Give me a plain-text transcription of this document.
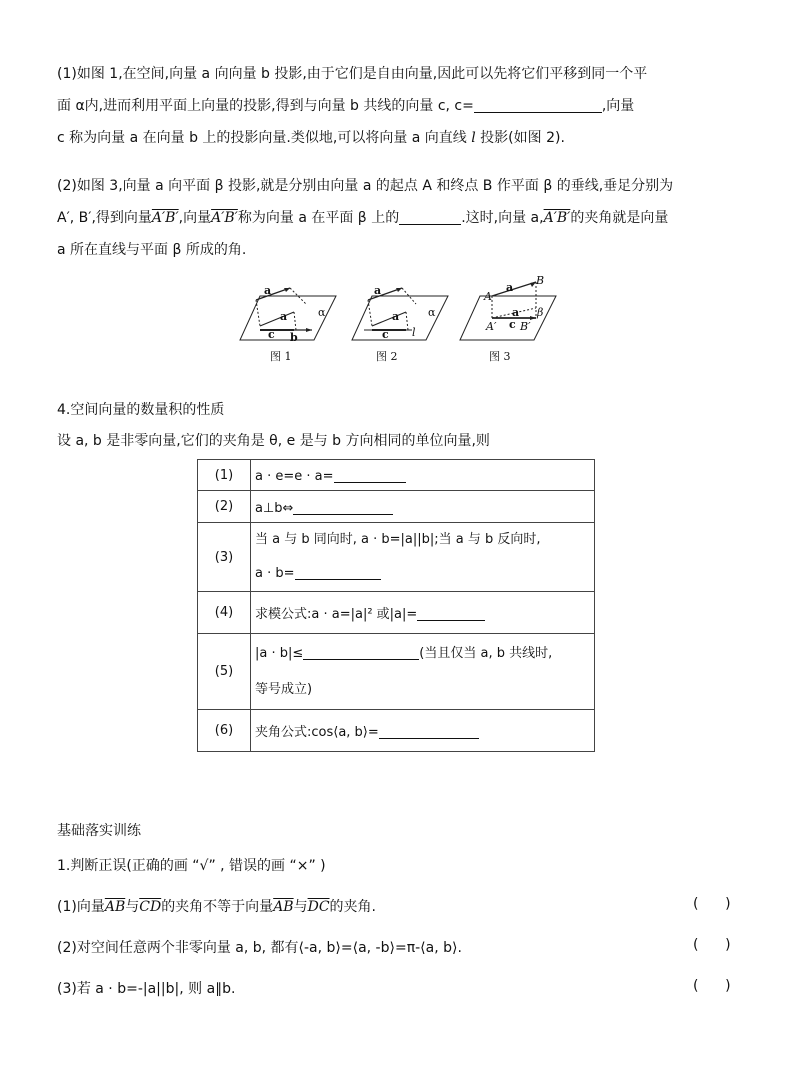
(1)如图 1,在空间,向量 a 向向量 b 投影,由于它们是自由向量,因此可以先将它们平移到同一个平
面 α内,进而利用平面上向量的投影,得到与向量 b 共线的向量 c, c=	,向量
c 称为向量 a 在向量 b 上的投影向量.类似地,可以将向量 a 向直线 l 投影(如图 2).
(2)如图 3,向量 a 向平面 β 投影,就是分别由向量 a 的起点 A 和终点 B 作平面 β 的垂线,垂足分别为
A′, B′,得到向量A′B′,向量A′B′称为向量 a 在平面 β 上的	.这时,向量 a,A′B′的夹角就是向量
a 所在直线与平面 β 所成的角.
a
α
a
c b
图 1
a
α
a
c l
图 2
A
B
a
a β
A′ c B′
图 3
4.空间向量的数量积的性质
设 a, b 是非零向量,它们的夹角是 θ, e 是与 b 方向相同的单位向量,则
(1)	a · e=e · a=
(2)	a⊥b⇔
(3)	当 a 与 b 同向时, a · b=|a||b|;当 a 与 b 反向时,
a · b=

(4)	求模公式:a · a=|a|² 或|a|=
(5)	|a · b|≤ (当且仅当 a, b 共线时,
等号成立)

(6)	夹角公式:cos⟨a, b⟩=
基础落实训练
1.判断正误(正确的画 “√” , 错误的画 “×” )
(1)向量$\overline{AB}$与$\overline{CD}$的夹角不等于向量$\overline{AB}$与$\overline{DC}$的夹角.	(      )
(2)对空间任意两个非零向量 a, b, 都有⟨-a, b⟩=⟨a, -b⟩=π-⟨a, b⟩.	(      )
(3)若 a · b=-|a||b|, 则 a∥b.	(      )
